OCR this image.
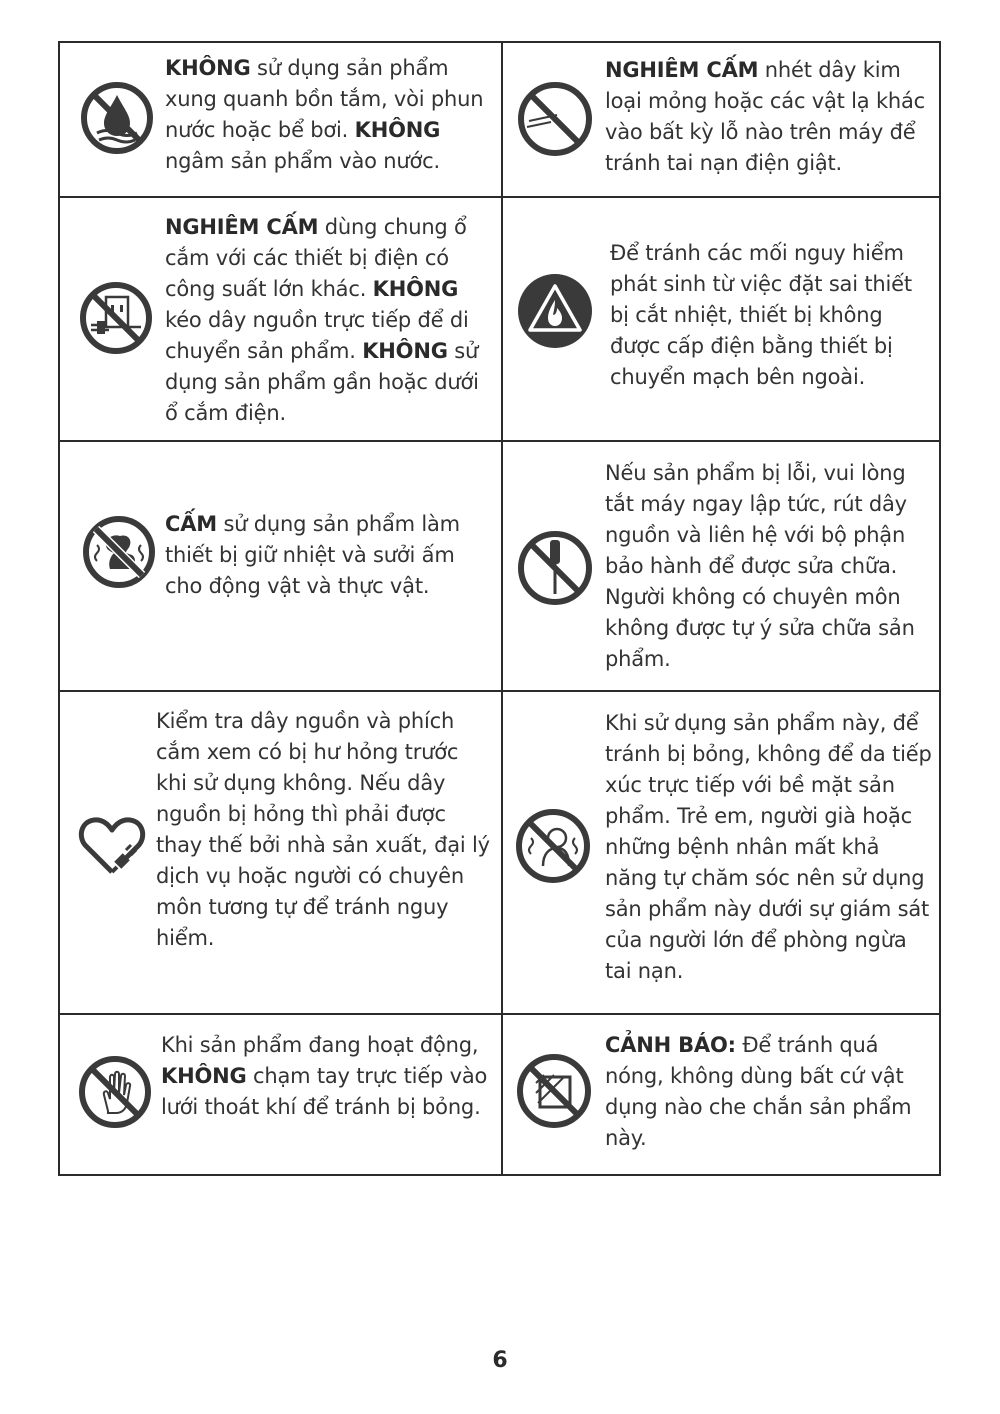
KHÔNG sử dụng sản phẩm xung quanh bồn tắm, vòi phun nước hoặc bể bơi. KHÔNG ngâm sản phẩm vào nước.
NGHIÊM CẤM nhét dây kim loại mỏng hoặc các vật lạ khác vào bất kỳ lỗ nào trên máy để tránh tai nạn điện giật.
NGHIÊM CẤM dùng chung ổ cắm với các thiết bị điện có công suất lớn khác. KHÔNG kéo dây nguồn trực tiếp để di chuyển sản phẩm. KHÔNG sử dụng sản phẩm gần hoặc dưới ổ cắm điện.
Để tránh các mối nguy hiểm phát sinh từ việc đặt sai thiết bị cắt nhiệt, thiết bị không được cấp điện bằng thiết bị chuyển mạch bên ngoài.
CẤM sử dụng sản phẩm làm thiết bị giữ nhiệt và sưởi ấm cho động vật và thực vật.
Nếu sản phẩm bị lỗi, vui lòng tắt máy ngay lập tức, rút dây nguồn và liên hệ với bộ phận bảo hành để được sửa chữa. Người không có chuyên môn không được tự ý sửa chữa sản phẩm.
Kiểm tra dây nguồn và phích cắm xem có bị hư hỏng trước khi sử dụng không. Nếu dây nguồn bị hỏng thì phải được thay thế bởi nhà sản xuất, đại lý dịch vụ hoặc người có chuyên môn tương tự để tránh nguy hiểm.
Khi sử dụng sản phẩm này, để tránh bị bỏng, không để da tiếp xúc trực tiếp với bề mặt sản phẩm. Trẻ em, người già hoặc những bệnh nhân mất khả năng tự chăm sóc nên sử dụng sản phẩm này dưới sự giám sát của người lớn để phòng ngừa tai nạn.
Khi sản phẩm đang hoạt động, KHÔNG chạm tay trực tiếp vào lưới thoát khí để tránh bị bỏng.
CẢNH BÁO: Để tránh quá nóng, không dùng bất cứ vật dụng nào che chắn sản phẩm này.
6
